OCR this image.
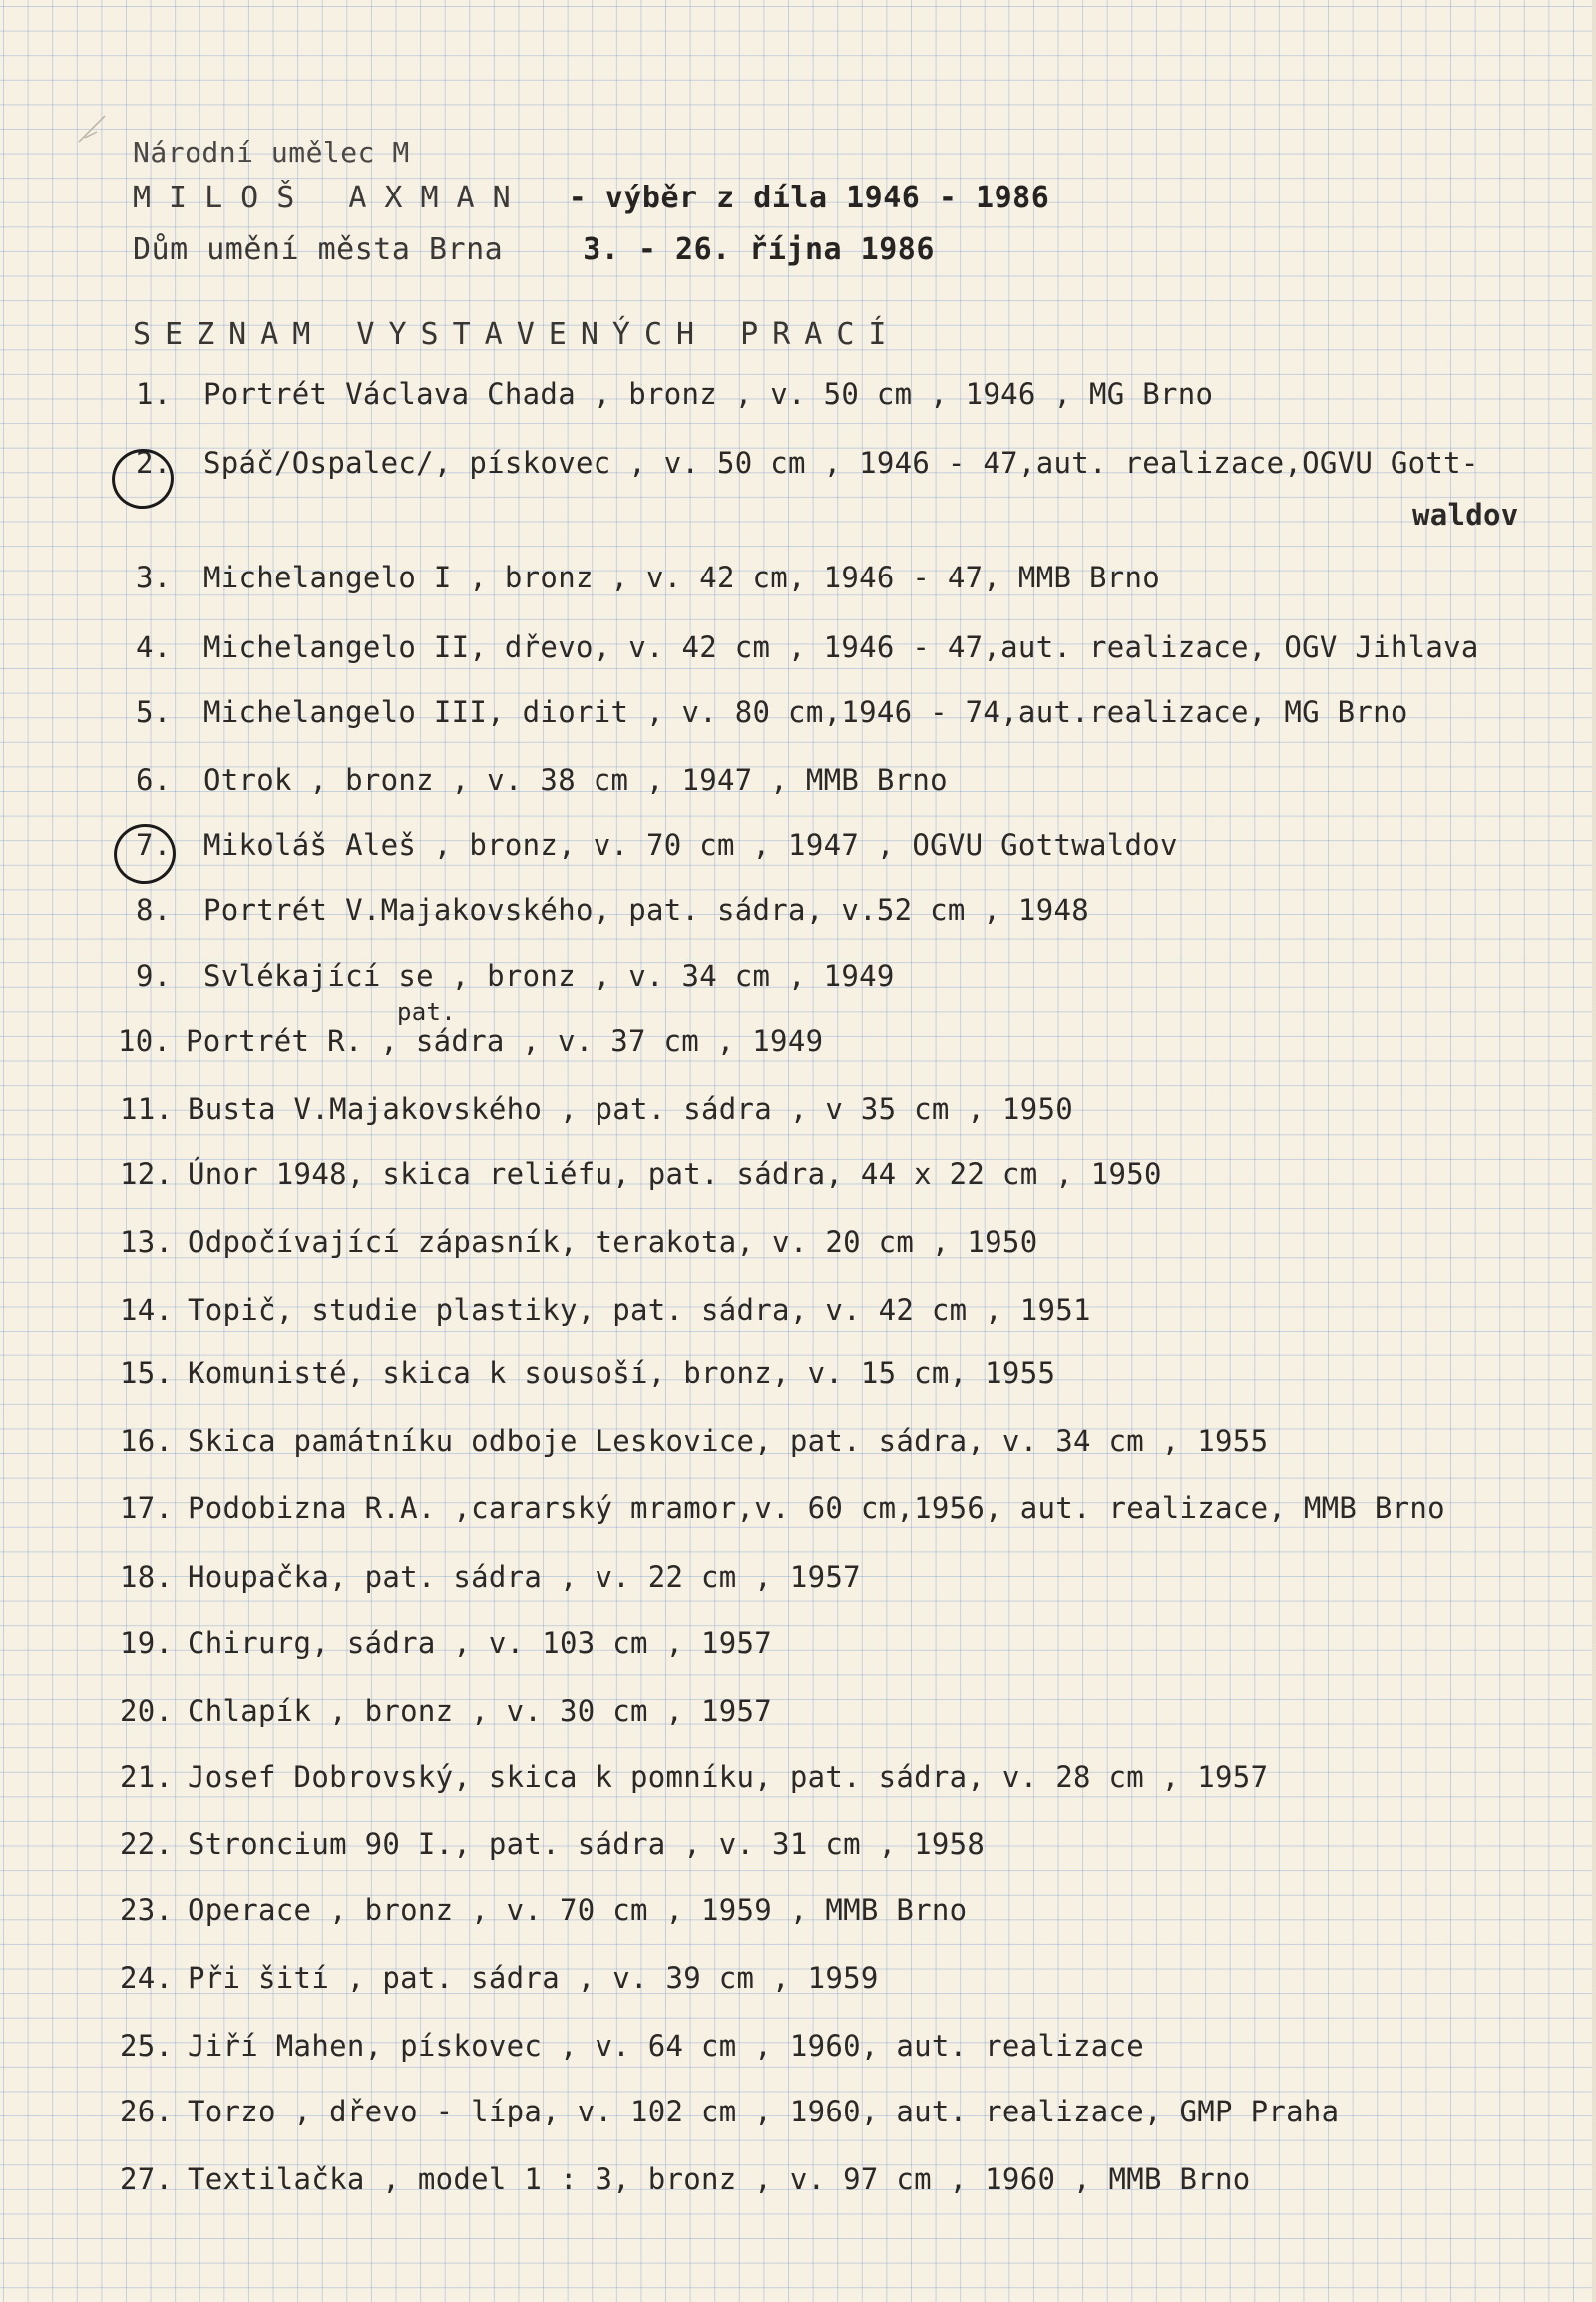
Národní umělec M
MILOŠ AXMAN - výběr z díla 1946 - 1986
Dům umění města Brna	3. - 26. října 1986
SEZNAM VYSTAVENÝCH PRACÍ
1. Portrét Václava Chada , bronz , v. 50 cm , 1946 , MG Brno
2. Spáč/Ospalec/, pískovec , v. 50 cm , 1946 - 47,aut. realizace,OGVU Gott-
waldov
3. Michelangelo I , bronz , v. 42 cm, 1946 - 47, MMB Brno
4. Michelangelo II, dřevo, v. 42 cm , 1946 - 47,aut. realizace, OGV Jihlava
5. Michelangelo III, diorit , v. 80 cm,1946 - 74,aut.realizace, MG Brno
6. Otrok , bronz , v. 38 cm , 1947 , MMB Brno
7. Mikoláš Aleš , bronz, v. 70 cm , 1947 , OGVU Gottwaldov
8. Portrét V.Majakovského, pat. sádra, v.52 cm , 1948
9. Svlékající se , bronz , v. 34 cm , 1949
10. Portrét R. , sádra , v. 37 cm , 1949
pat.
11. Busta V.Majakovského , pat. sádra , v 35 cm , 1950
12. Únor 1948, skica reliéfu, pat. sádra, 44 x 22 cm , 1950
13. Odpočívající zápasník, terakota, v. 20 cm , 1950
14. Topič, studie plastiky, pat. sádra, v. 42 cm , 1951
15. Komunisté, skica k sousoší, bronz, v. 15 cm, 1955
16. Skica památníku odboje Leskovice, pat. sádra, v. 34 cm , 1955
17. Podobizna R.A. ,cararský mramor,v. 60 cm,1956, aut. realizace, MMB Brno
18. Houpačka, pat. sádra , v. 22 cm , 1957
19. Chirurg, sádra , v. 103 cm , 1957
20. Chlapík , bronz , v. 30 cm , 1957
21. Josef Dobrovský, skica k pomníku, pat. sádra, v. 28 cm , 1957
22. Stroncium 90 I., pat. sádra , v. 31 cm , 1958
23. Operace , bronz , v. 70 cm , 1959 , MMB Brno
24. Při šití , pat. sádra , v. 39 cm , 1959
25. Jiří Mahen, pískovec , v. 64 cm , 1960, aut. realizace
26. Torzo , dřevo - lípa, v. 102 cm , 1960, aut. realizace, GMP Praha
27. Textilačka , model 1 : 3, bronz , v. 97 cm , 1960 , MMB Brno
